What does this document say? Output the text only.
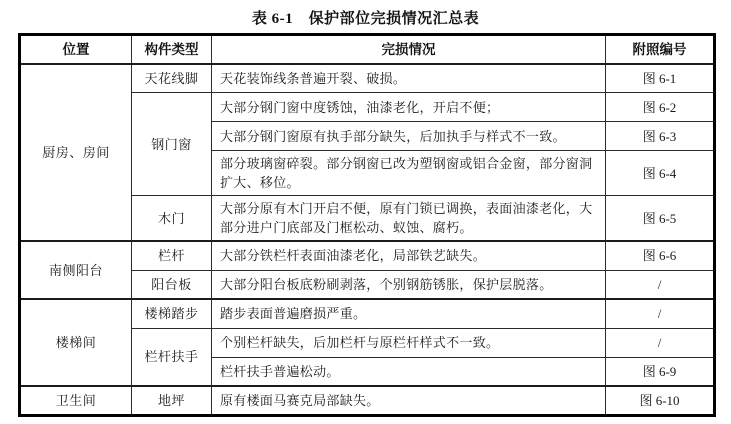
表 6-1　保护部位完损情况汇总表
位置	构件类型	完损情况	附照编号
厨房、房间	天花线脚	天花装饰线条普遍开裂、破损。	图 6-1
	钢门窗	大部分钢门窗中度锈蚀，油漆老化，开启不便；	图 6-2
		大部分钢门窗原有执手部分缺失，后加执手与样式不一致。	图 6-3
		部分玻璃窗碎裂。部分钢窗已改为塑钢窗或铝合金窗，部分窗洞扩大、移位。	图 6-4
	木门	大部分原有木门开启不便，原有门锁已调换，表面油漆老化，大部分进户门底部及门框松动、蚁蚀、腐朽。	图 6-5
南侧阳台	栏杆	大部分铁栏杆表面油漆老化，局部铁艺缺失。	图 6-6
	阳台板	大部分阳台板底粉刷剥落，个别钢筋锈胀，保护层脱落。	/
楼梯间	楼梯踏步	踏步表面普遍磨损严重。	/
	栏杆扶手	个别栏杆缺失，后加栏杆与原栏杆样式不一致。	/
		栏杆扶手普遍松动。	图 6-9
卫生间	地坪	原有楼面马赛克局部缺失。	图 6-10
